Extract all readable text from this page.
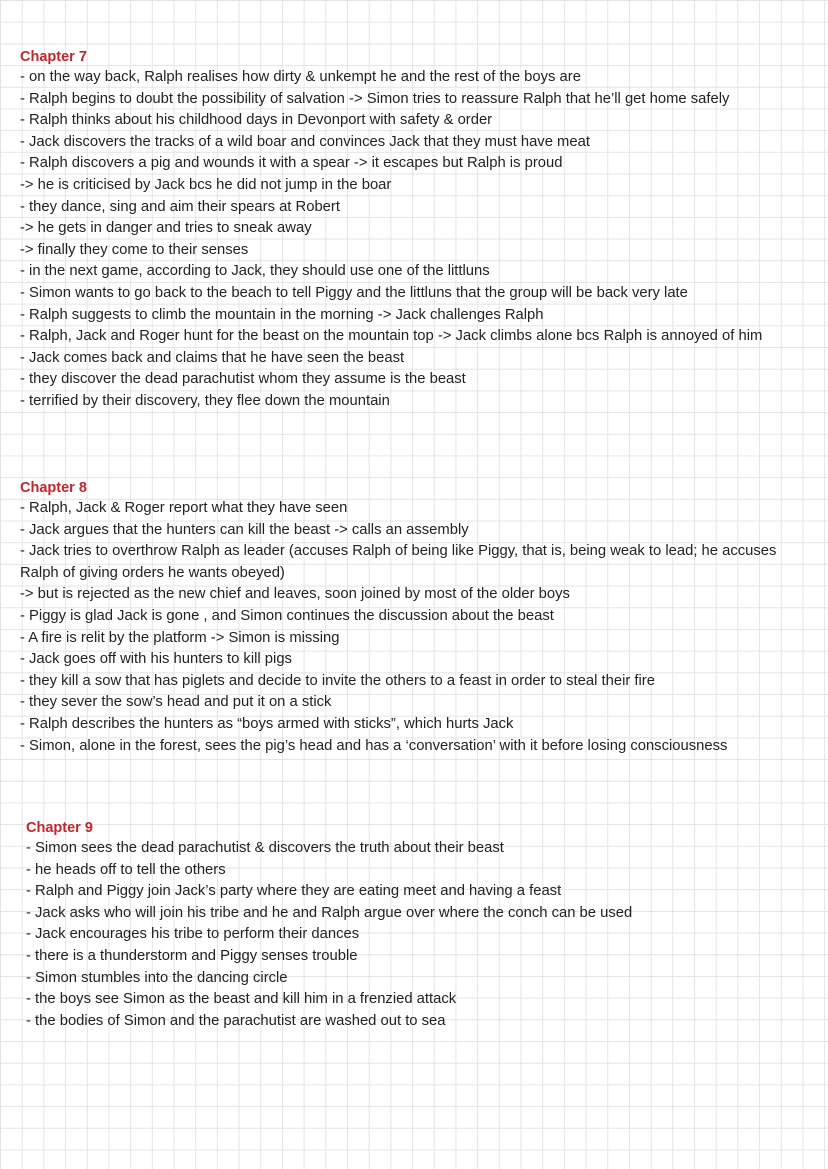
Chapter 7
- on the way back, Ralph realises how dirty & unkempt he and the rest of the boys are
- Ralph begins to doubt the possibility of salvation -> Simon tries to reassure Ralph that he’ll get home safely
- Ralph thinks about his childhood days in Devonport with safety & order
- Jack discovers the tracks of a wild boar and convinces Jack that they must have meat
- Ralph discovers a pig and wounds it with a spear -> it escapes but Ralph is proud
-> he is criticised by Jack bcs he did not jump in the boar
- they dance, sing and aim their spears at Robert
-> he gets in danger and tries to sneak away
-> finally they come to their senses
- in the next game, according to Jack, they should use one of the littluns
- Simon wants to go back to the beach to tell Piggy and the littluns that the group will be back very late
- Ralph suggests to climb the mountain in the morning -> Jack challenges Ralph
- Ralph, Jack and Roger hunt for the beast on the mountain top -> Jack climbs alone bcs Ralph is annoyed of him
- Jack comes back and claims that he have seen the beast
- they discover the dead parachutist whom they assume is the beast
- terrified by their discovery, they flee down the mountain
Chapter 8
- Ralph, Jack & Roger report what they have seen
- Jack argues that the hunters can kill the beast -> calls an assembly
- Jack tries to overthrow Ralph as leader (accuses Ralph of being like Piggy, that is, being weak to lead; he accuses Ralph of giving orders he wants obeyed)
-> but is rejected as the new chief and leaves, soon joined by most of the older boys
- Piggy is glad Jack is gone , and Simon continues the discussion about the beast
- A fire is relit by the platform -> Simon is missing
- Jack goes off with his hunters to kill pigs
- they kill a sow that has piglets and decide to invite the others to a feast in order to steal their fire
- they sever the sow’s head and put it on a stick
- Ralph describes the hunters as “boys armed with sticks”, which hurts Jack
- Simon, alone in the forest, sees the pig’s head and has a ‘conversation’ with it before losing consciousness
Chapter 9
- Simon sees the dead parachutist & discovers the truth about their beast
- he heads off to tell the others
- Ralph and Piggy join Jack’s party where they are eating meet and having a feast
- Jack asks who will join his tribe and he and Ralph argue over where the conch can be used
- Jack encourages his tribe to perform their dances
- there is a thunderstorm and Piggy senses trouble
- Simon stumbles into the dancing circle
- the boys see Simon as the beast and kill him in a frenzied attack
- the bodies of Simon and the parachutist are washed out to sea
